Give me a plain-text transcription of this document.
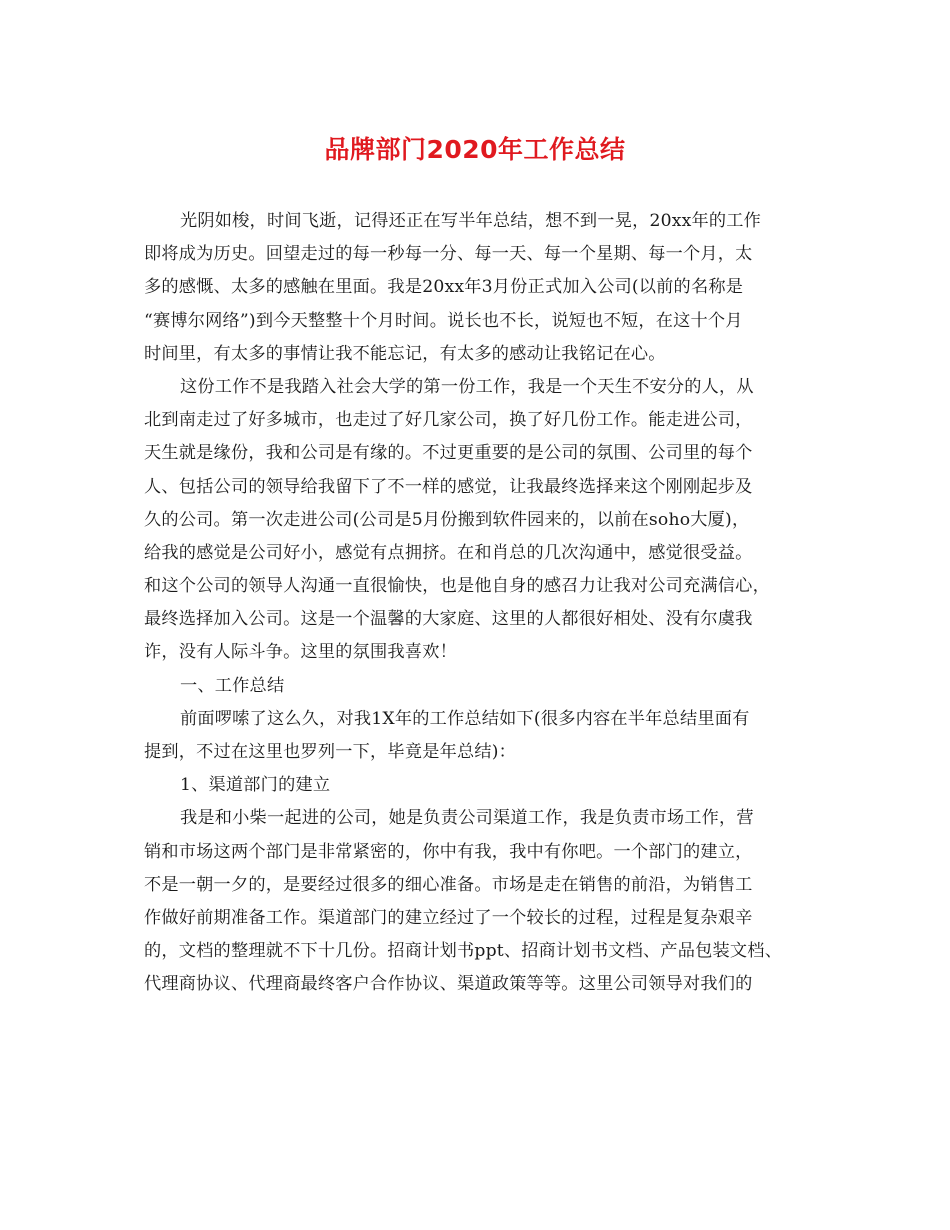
品牌部门2020年工作总结
光阴如梭，时间飞逝，记得还正在写半年总结，想不到一晃，20xx年的工作
即将成为历史。回望走过的每一秒每一分、每一天、每一个星期、每一个月，太
多的感慨、太多的感触在里面。我是20xx年3月份正式加入公司(以前的名称是
“赛博尔网络”)到今天整整十个月时间。说长也不长，说短也不短，在这十个月
时间里，有太多的事情让我不能忘记，有太多的感动让我铭记在心。
这份工作不是我踏入社会大学的第一份工作，我是一个天生不安分的人，从
北到南走过了好多城市，也走过了好几家公司，换了好几份工作。能走进公司，
天生就是缘份，我和公司是有缘的。不过更重要的是公司的氛围、公司里的每个
人、包括公司的领导给我留下了不一样的感觉，让我最终选择来这个刚刚起步及
久的公司。第一次走进公司(公司是5月份搬到软件园来的，以前在soho大厦)，
给我的感觉是公司好小，感觉有点拥挤。在和肖总的几次沟通中，感觉很受益。
和这个公司的领导人沟通一直很愉快，也是他自身的感召力让我对公司充满信心，
最终选择加入公司。这是一个温馨的大家庭、这里的人都很好相处、没有尔虞我
诈，没有人际斗争。这里的氛围我喜欢！
一、工作总结
前面啰嗦了这么久，对我1X年的工作总结如下(很多内容在半年总结里面有
提到，不过在这里也罗列一下，毕竟是年总结)：
1、渠道部门的建立
我是和小柴一起进的公司，她是负责公司渠道工作，我是负责市场工作，营
销和市场这两个部门是非常紧密的，你中有我，我中有你吧。一个部门的建立，
不是一朝一夕的，是要经过很多的细心准备。市场是走在销售的前沿，为销售工
作做好前期准备工作。渠道部门的建立经过了一个较长的过程，过程是复杂艰辛
的，文档的整理就不下十几份。招商计划书ppt、招商计划书文档、产品包装文档、
代理商协议、代理商最终客户合作协议、渠道政策等等。这里公司领导对我们的
